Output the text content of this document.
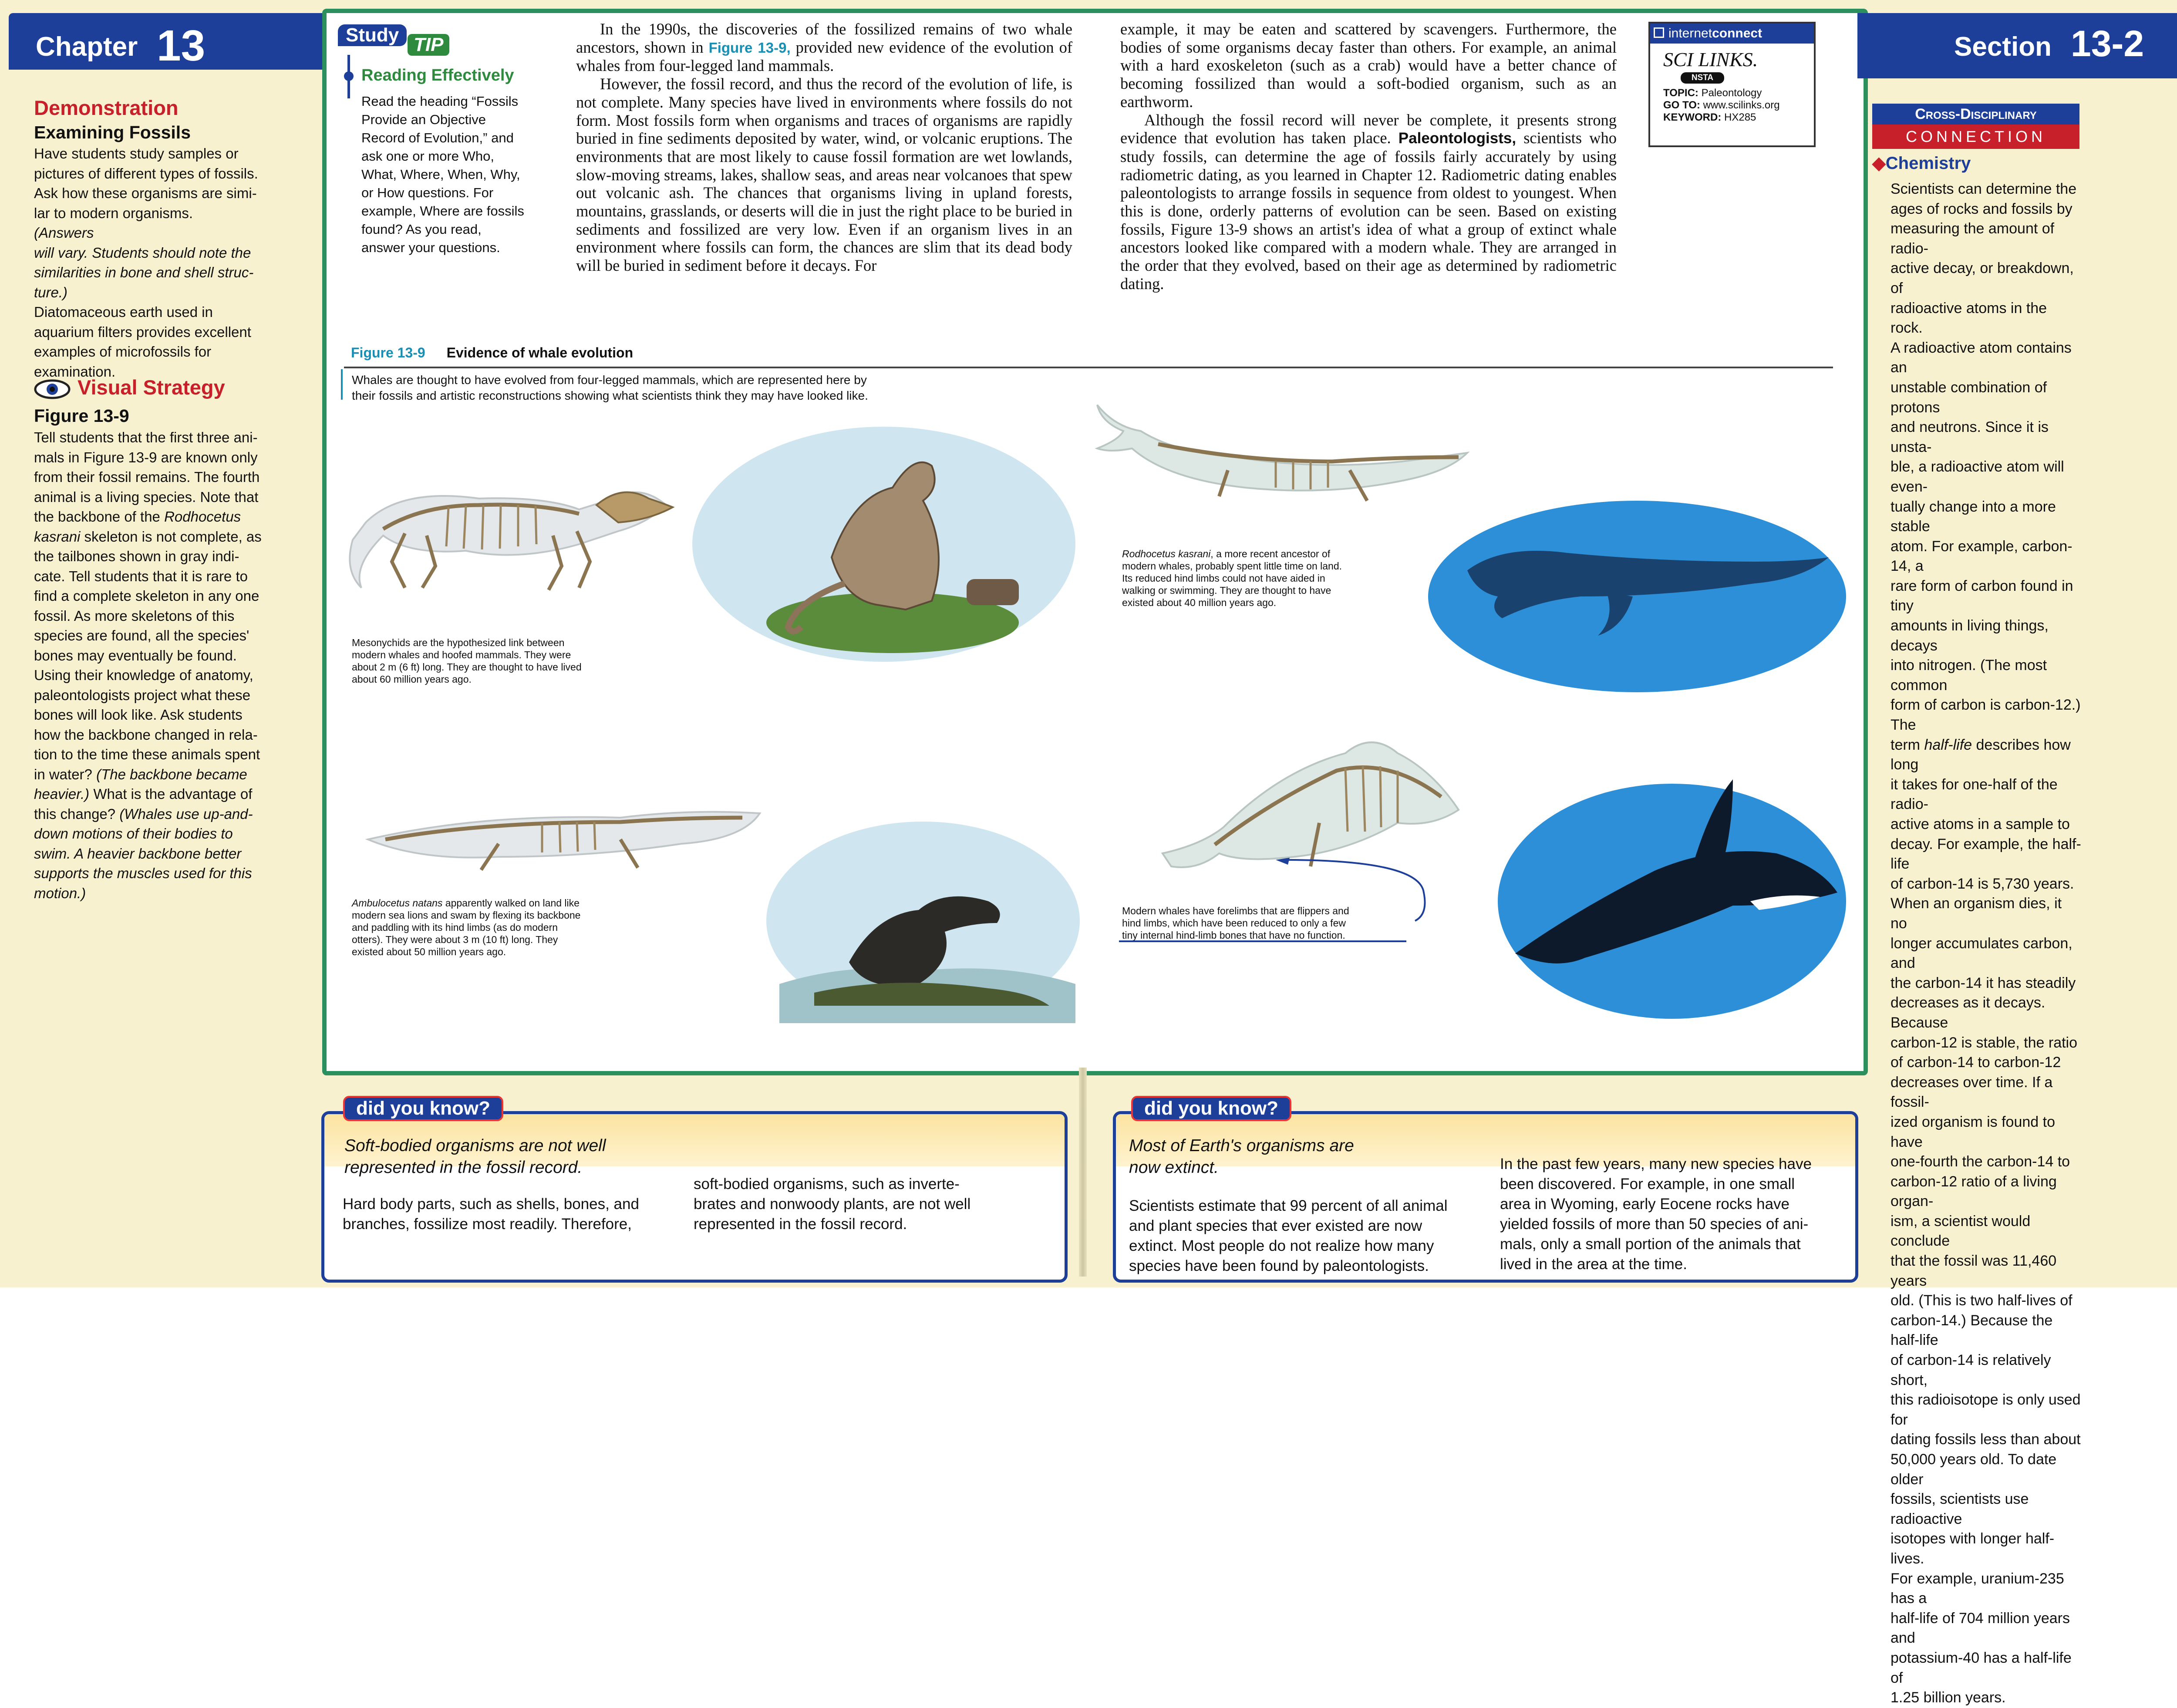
Chapter 13	Section 13-2
Demonstration
Examining Fossils
Have students study samples or
pictures of different types of fossils.
Ask how these organisms are simi-
lar to modern organisms.
(Answers
will vary. Students should note the
similarities in bone and shell struc-
ture.)
Diatomaceous earth used in
aquarium filters provides excellent
examples of microfossils for
examination.
Visual Strategy
Figure 13-9
Tell students that the first three ani-
mals in Figure 13-9 are known only
from their fossil remains. The fourth
animal is a living species. Note that
the backbone of the Rodhocetus
kasrani skeleton is not complete, as
the tailbones shown in gray indi-
cate. Tell students that it is rare to
find a complete skeleton in any one
fossil. As more skeletons of this
species are found, all the species'
bones may eventually be found.
Using their knowledge of anatomy,
paleontologists project what these
bones will look like. Ask students
how the backbone changed in rela-
tion to the time these animals spent
in water? (The backbone became
heavier.) What is the advantage of
this change? (Whales use up-and-
down motions of their bodies to
swim. A heavier backbone better
supports the muscles used for this
motion.)
Study TIP
Reading Effectively
Read the heading “Fossils
Provide an Objective
Record of Evolution,” and
ask one or more Who,
What, Where, When, Why,
or How questions. For
example, Where are fossils
found? As you read,
answer your questions.

In the 1990s, the discoveries of the fossilized remains of two whale ancestors, shown in Figure 13-9, provided new evidence of the evolution of whales from four-legged land mammals.

However, the fossil record, and thus the record of the evolution of life, is not complete. Many species have lived in environments where fossils do not form. Most fossils form when organisms and traces of organisms are rapidly buried in fine sediments deposited by water, wind, or volcanic eruptions. The environments that are most likely to cause fossil formation are wet lowlands, slow-moving streams, lakes, shallow seas, and areas near volcanoes that spew out volcanic ash. The chances that organisms living in upland forests, mountains, grasslands, or deserts will die in just the right place to be buried in sediments and fossilized are very low. Even if an organism lives in an environment where fossils can form, the chances are slim that its dead body will be buried in sediment before it decays. For

example, it may be eaten and scattered by scavengers. Furthermore, the bodies of some organisms decay faster than others. For example, an animal with a hard exoskeleton (such as a crab) would have a better chance of becoming fossilized than would a soft-bodied organism, such as an earthworm.

Although the fossil record will never be complete, it presents strong evidence that evolution has taken place. Paleontologists, scientists who study fossils, can determine the age of fossils fairly accurately by using radiometric dating, as you learned in Chapter 12. Radiometric dating enables paleontologists to arrange fossils in sequence from oldest to youngest. When this is done, orderly patterns of evolution can be seen. Based on existing fossils, Figure 13-9 shows an artist's idea of what a group of extinct whale ancestors looked like compared with a modern whale. They are arranged in the order that they evolved, based on their age as determined by radiometric dating.

internetconnect
SCI LINKS.
NSTA
TOPIC: Paleontology
GO TO: www.scilinks.org
KEYWORD: HX285
Figure 13-9 Evidence of whale evolution
Whales are thought to have evolved from four-legged mammals, which are represented here by
their fossils and artistic reconstructions showing what scientists think they may have looked like.
Mesonychids are the hypothesized link between
modern whales and hoofed mammals. They were
about 2 m (6 ft) long. They are thought to have lived
about 60 million years ago.
Ambulocetus natans apparently walked on land like
modern sea lions and swam by flexing its backbone
and paddling with its hind limbs (as do modern
otters). They were about 3 m (10 ft) long. They
existed about 50 million years ago.
Rodhocetus kasrani, a more recent ancestor of
modern whales, probably spent little time on land.
Its reduced hind limbs could not have aided in
walking or swimming. They are thought to have
existed about 40 million years ago.
Modern whales have forelimbs that are flippers and
hind limbs, which have been reduced to only a few
tiny internal hind-limb bones that have no function.
Cross-Disciplinary
CONNECTION
◆Chemistry
Scientists can determine the
ages of rocks and fossils by
measuring the amount of radio-
active decay, or breakdown, of
radioactive atoms in the rock.
A radioactive atom contains an
unstable combination of protons
and neutrons. Since it is unsta-
ble, a radioactive atom will even-
tually change into a more stable
atom. For example, carbon-14, a
rare form of carbon found in tiny
amounts in living things, decays
into nitrogen. (The most common
form of carbon is carbon-12.) The
term half-life describes how long
it takes for one-half of the radio-
active atoms in a sample to
decay. For example, the half-life
of carbon-14 is 5,730 years.
When an organism dies, it no
longer accumulates carbon, and
the carbon-14 it has steadily
decreases as it decays. Because
carbon-12 is stable, the ratio
of carbon-14 to carbon-12
decreases over time. If a fossil-
ized organism is found to have
one-fourth the carbon-14 to
carbon-12 ratio of a living organ-
ism, a scientist would conclude
that the fossil was 11,460 years
old. (This is two half-lives of
carbon-14.) Because the half-life
of carbon-14 is relatively short,
this radioisotope is only used for
dating fossils less than about
50,000 years old. To date older
fossils, scientists use radioactive
isotopes with longer half-lives.
For example, uranium-235 has a
half-life of 704 million years and
potassium-40 has a half-life of
1.25 billion years.
Soft-bodied organisms are not well
represented in the fossil record.
Hard body parts, such as shells, bones, and
branches, fossilize most readily. Therefore,
soft-bodied organisms, such as inverte-
brates and nonwoody plants, are not well
represented in the fossil record.
did you know?
Most of Earth's organisms are
now extinct.
Scientists estimate that 99 percent of all animal
and plant species that ever existed are now
extinct. Most people do not realize how many
species have been found by paleontologists.
In the past few years, many new species have
been discovered. For example, in one small
area in Wyoming, early Eocene rocks have
yielded fossils of more than 50 species of ani-
mals, only a small portion of the animals that
lived in the area at the time.
did you know?
